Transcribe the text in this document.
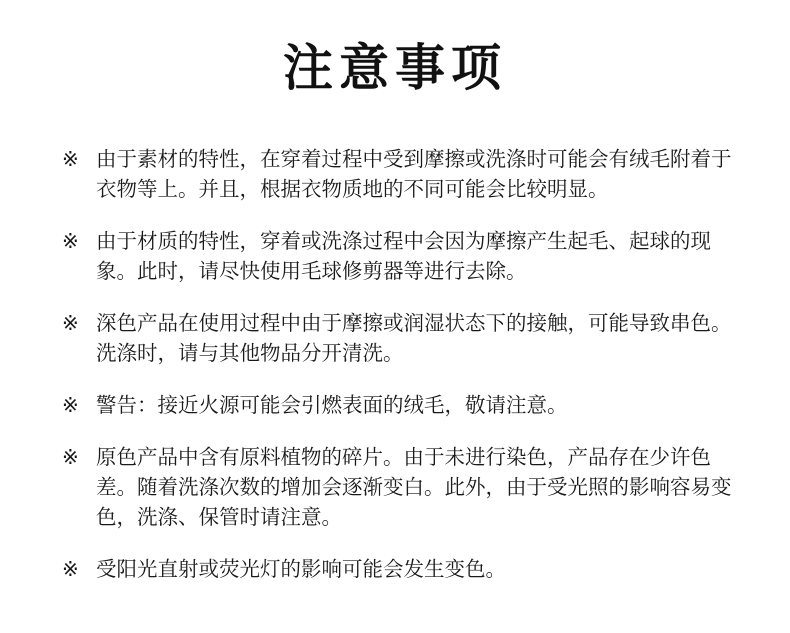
注意事项
※ 由于素材的特性，在穿着过程中受到摩擦或洗涤时可能会有绒毛附着于衣物等上。并且，根据衣物质地的不同可能会比较明显。
※ 由于材质的特性，穿着或洗涤过程中会因为摩擦产生起毛、起球的现象。此时，请尽快使用毛球修剪器等进行去除。
※ 深色产品在使用过程中由于摩擦或润湿状态下的接触，可能导致串色。洗涤时，请与其他物品分开清洗。
※ 警告：接近火源可能会引燃表面的绒毛，敬请注意。
※ 原色产品中含有原料植物的碎片。由于未进行染色，产品存在少许色差。随着洗涤次数的增加会逐渐变白。此外，由于受光照的影响容易变色，洗涤、保管时请注意。
※ 受阳光直射或荧光灯的影响可能会发生变色。
